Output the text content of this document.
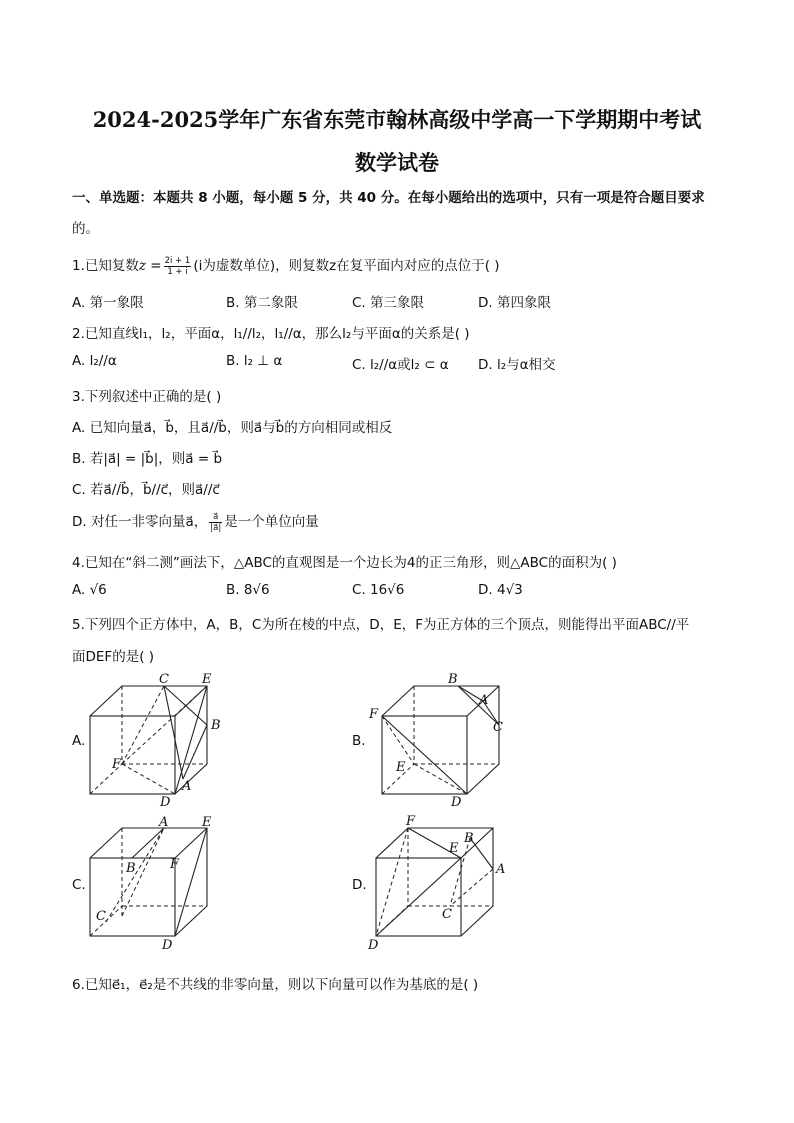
2024-2025学年广东省东莞市翰林高级中学高一下学期期中考试
数学试卷
一、单选题：本题共 8 小题，每小题 5 分，共 40 分。在每小题给出的选项中，只有一项是符合题目要求
的。
1.已知复数$z = \frac{2i + 1}{1 + i} (i$为虚数单位)，则复数z在复平面内对应的点位于( )
A. 第一象限	B. 第二象限	C. 第三象限	D. 第四象限
2.已知直线l₁，l₂，平面α，l₁//l₂，l₁//α，那么l₂与平面α的关系是( )
A. l₂//α	B. l₂ ⊥ α	C. l₂//α或l₂ ⊂ α D. l₂与α相交
3.下列叙述中正确的是( )
A. 已知向量a⃗，b⃗，且a⃗//b⃗，则a⃗与b⃗的方向相同或相反
B. 若|a⃗| = |b⃗|，则a⃗ = b⃗
C. 若a⃗//b⃗，b⃗//c⃗，则a⃗//c⃗
D. 对任一非零向量a⃗， $\frac{a⃗}{|a⃗|}$ 是一个单位向量
4.已知在“斜二测”画法下，△ABC的直观图是一个边长为4的正三角形，则△ABC的面积为( )
A. √6	B. 8√6	C. 16√6	D. 4√3
5.下列四个正方体中，A，B，C为所在棱的中点，D，E，F为正方体的三个顶点，则能得出平面ABC//平
面DEF的是( )
A.	B.
C.	D.
C	E
B
F
A
D
B
A
C
F
E
D
A	E
B	F
C
D
F
E
B
A
C
D
6.已知e⃗₁，e⃗₂是不共线的非零向量，则以下向量可以作为基底的是( )
